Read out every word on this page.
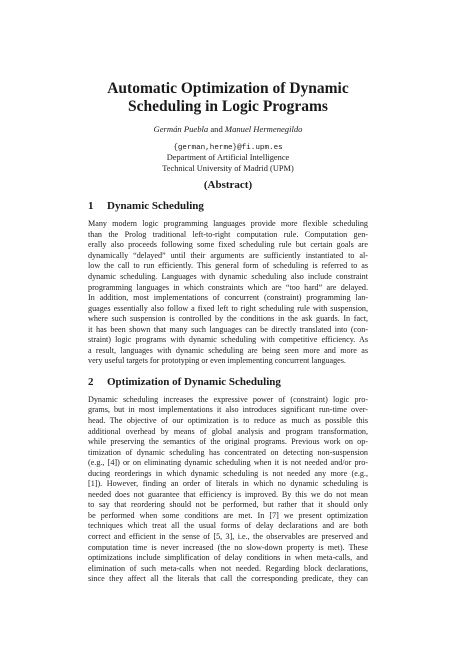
Automatic Optimization of Dynamic
Scheduling in Logic Programs
Germán Puebla and Manuel Hermenegildo
{german,herme}@fi.upm.es
Department of Artificial Intelligence
Technical University of Madrid (UPM)
(Abstract)
1 Dynamic Scheduling
Many modern logic programming languages provide more flexible scheduling
than the Prolog traditional left-to-right computation rule. Computation gen-
erally also proceeds following some fixed scheduling rule but certain goals are
dynamically “delayed” until their arguments are sufficiently instantiated to al-
low the call to run efficiently. This general form of scheduling is referred to as
dynamic scheduling. Languages with dynamic scheduling also include constraint
programming languages in which constraints which are “too hard” are delayed.
In addition, most implementations of concurrent (constraint) programming lan-
guages essentially also follow a fixed left to right scheduling rule with suspension,
where such suspension is controlled by the conditions in the ask guards. In fact,
it has been shown that many such languages can be directly translated into (con-
straint) logic programs with dynamic scheduling with competitive efficiency. As
a result, languages with dynamic scheduling are being seen more and more as
very useful targets for prototyping or even implementing concurrent languages.
2 Optimization of Dynamic Scheduling
Dynamic scheduling increases the expressive power of (constraint) logic pro-
grams, but in most implementations it also introduces significant run-time over-
head. The objective of our optimization is to reduce as much as possible this
additional overhead by means of global analysis and program transformation,
while preserving the semantics of the original programs. Previous work on op-
timization of dynamic scheduling has concentrated on detecting non-suspension
(e.g., [4]) or on eliminating dynamic scheduling when it is not needed and/or pro-
ducing reorderings in which dynamic scheduling is not needed any more (e.g.,
[1]). However, finding an order of literals in which no dynamic scheduling is
needed does not guarantee that efficiency is improved. By this we do not mean
to say that reordering should not be performed, but rather that it should only
be performed when some conditions are met. In [7] we present optimization
techniques which treat all the usual forms of delay declarations and are both
correct and efficient in the sense of [5, 3], i.e., the observables are preserved and
computation time is never increased (the no slow-down property is met). These
optimizations include simplification of delay conditions in when meta-calls, and
elimination of such meta-calls when not needed. Regarding block declarations,
since they affect all the literals that call the corresponding predicate, they can
